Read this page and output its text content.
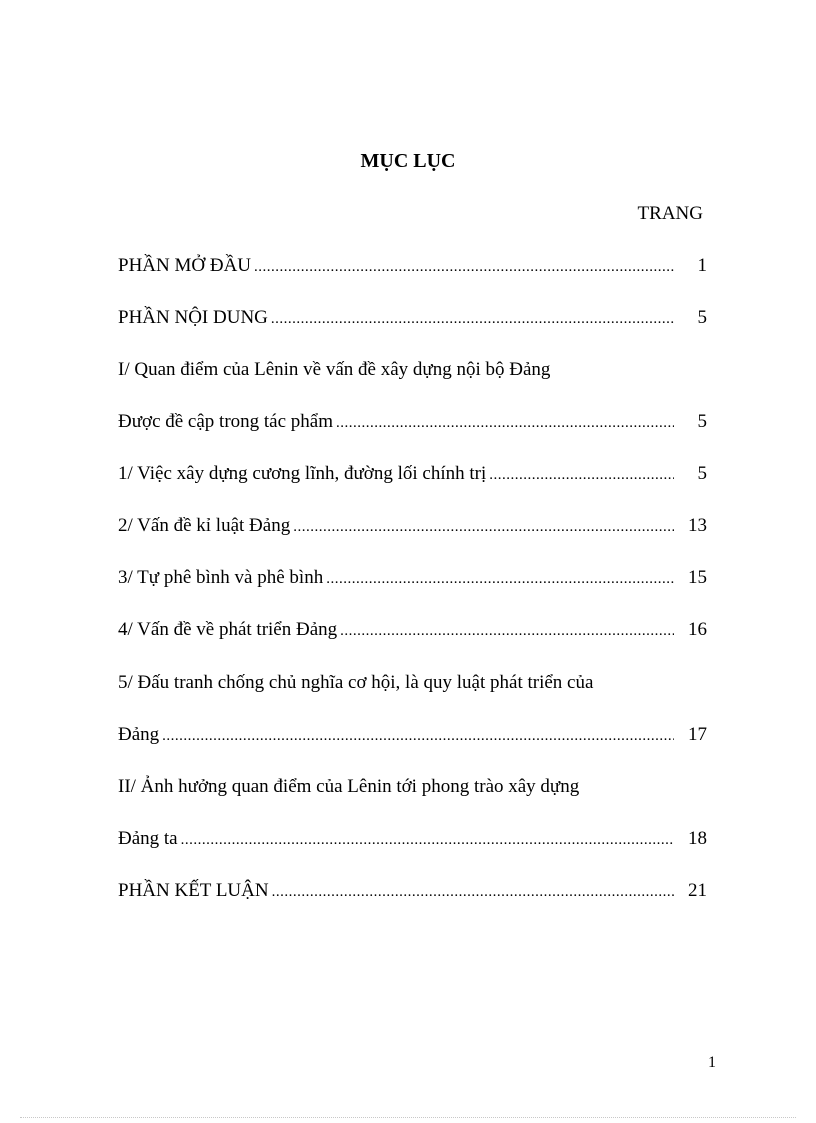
MỤC LỤC
TRANG
PHẦN MỞ ĐẦU .....	1
PHẦN NỘI DUNG .....	5
I/ Quan điểm của Lênin về vấn đề xây dựng nội bộ Đảng
Được đề cập trong tác phẩm .....	5
1/ Việc xây dựng cương lĩnh, đường lối chính trị .....	5
2/ Vấn đề kỉ luật Đảng .....	13
3/ Tự phê bình và phê bình .....	15
4/ Vấn đề về phát triển Đảng .....	16
5/ Đấu tranh chống chủ nghĩa cơ hội, là quy luật phát triển của
Đảng .....	17
II/ Ảnh hưởng quan điểm của Lênin tới phong trào xây dựng
Đảng ta .....	18
PHẦN KẾT LUẬN .....	21
1
